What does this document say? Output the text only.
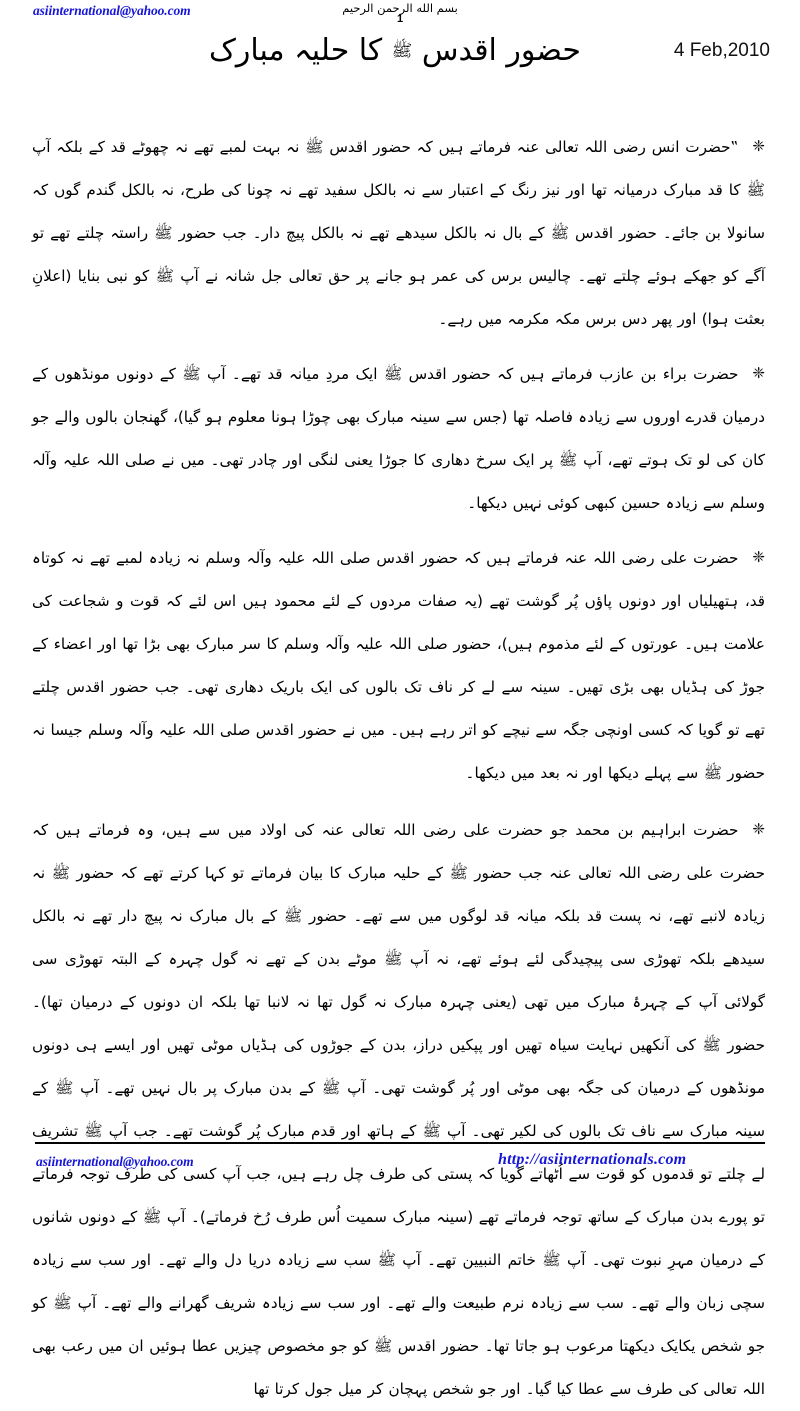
asiinternational@yahoo.com	بسم الله الرحمن الرحيم
1
حضور اقدس ﷺ کا حلیہ مبارک	4 Feb,2010

❈‟حضرت انس رضی اللہ تعالی عنہ فرماتے ہیں کہ حضور اقدس ﷺ نہ بہت لمبے تھے نہ چھوٹے قد کے بلکہ آپ ﷺ کا قد مبارک درمیانہ تھا اور نیز رنگ کے اعتبار سے نہ بالکل سفید تھے نہ چونا کی طرح، نہ بالکل گندم گوں کہ سانولا بن جائے۔ حضور اقدس ﷺ کے بال نہ بالکل سیدھے تھے نہ بالکل پیچ دار۔ جب حضور ﷺ راستہ چلتے تھے تو آگے کو جھکے ہوئے چلتے تھے۔ چالیس برس کی عمر ہو جانے پر حق تعالی جل شانہ نے آپ ﷺ کو نبی بنایا (اعلانِ بعثت ہوا) اور پھر دس برس مکہ مکرمہ میں رہے۔

❈حضرت براء بن عازب فرماتے ہیں کہ حضور اقدس ﷺ ایک مردِ میانہ قد تھے۔ آپ ﷺ کے دونوں مونڈھوں کے درمیان قدرے اوروں سے زیادہ فاصلہ تھا (جس سے سینہ مبارک بھی چوڑا ہونا معلوم ہو گیا)، گھنجان بالوں والے جو کان کی لو تک ہوتے تھے، آپ ﷺ پر ایک سرخ دھاری کا جوڑا یعنی لنگی اور چادر تھی۔ میں نے صلی اللہ علیہ وآلہ وسلم سے زیادہ حسین کبھی کوئی نہیں دیکھا۔

❈حضرت علی رضی اللہ عنہ فرماتے ہیں کہ حضور اقدس صلی اللہ علیہ وآلہ وسلم نہ زیادہ لمبے تھے نہ کوتاہ قد، ہتھیلیاں اور دونوں پاؤں پُر گوشت تھے (یہ صفات مردوں کے لئے محمود ہیں اس لئے کہ قوت و شجاعت کی علامت ہیں۔ عورتوں کے لئے مذموم ہیں)، حضور صلی اللہ علیہ وآلہ وسلم کا سر مبارک بھی بڑا تھا اور اعضاء کے جوڑ کی ہڈیاں بھی بڑی تھیں۔ سینہ سے لے کر ناف تک بالوں کی ایک باریک دھاری تھی۔ جب حضور اقدس چلتے تھے تو گویا کہ کسی اونچی جگہ سے نیچے کو اتر رہے ہیں۔ میں نے حضور اقدس صلی اللہ علیہ وآلہ وسلم جیسا نہ حضور ﷺ سے پہلے دیکھا اور نہ بعد میں دیکھا۔

❈حضرت ابراہیم بن محمد جو حضرت علی رضی اللہ تعالی عنہ کی اولاد میں سے ہیں، وہ فرماتے ہیں کہ حضرت علی رضی اللہ تعالی عنہ جب حضور ﷺ کے حلیہ مبارک کا بیان فرماتے تو کہا کرتے تھے کہ حضور ﷺ نہ زیادہ لانبے تھے، نہ پست قد بلکہ میانہ قد لوگوں میں سے تھے۔ حضور ﷺ کے بال مبارک نہ پیچ دار تھے نہ بالکل سیدھے بلکہ تھوڑی سی پیچیدگی لئے ہوئے تھے، نہ آپ ﷺ موٹے بدن کے تھے نہ گول چہرہ کے البتہ تھوڑی سی گولائی آپ کے چہرۂ مبارک میں تھی (یعنی چہرہ مبارک نہ گول تھا نہ لانبا تھا بلکہ ان دونوں کے درمیان تھا)۔ حضور ﷺ کی آنکھیں نہایت سیاہ تھیں اور پپکیں دراز، بدن کے جوڑوں کی ہڈیاں موٹی تھیں اور ایسے ہی دونوں مونڈھوں کے درمیان کی جگہ بھی موٹی اور پُر گوشت تھی۔ آپ ﷺ کے بدن مبارک پر بال نہیں تھے۔ آپ ﷺ کے سینہ مبارک سے ناف تک بالوں کی لکیر تھی۔ آپ ﷺ کے ہاتھ اور قدم مبارک پُر گوشت تھے۔ جب آپ ﷺ تشریف لے چلتے تو قدموں کو قوت سے اُٹھاتے گویا کہ پستی کی طرف چل رہے ہیں، جب آپ کسی کی طرف توجہ فرماتے تو پورے بدن مبارک کے ساتھ توجہ فرماتے تھے (سینہ مبارک سمیت اُس طرف رُخ فرماتے)۔ آپ ﷺ کے دونوں شانوں کے درمیان مہرِ نبوت تھی۔ آپ ﷺ خاتم النبیین تھے۔ آپ ﷺ سب سے زیادہ دریا دل والے تھے۔ اور سب سے زیادہ سچی زبان والے تھے۔ سب سے زیادہ نرم طبیعت والے تھے۔ اور سب سے زیادہ شریف گھرانے والے تھے۔ آپ ﷺ کو جو شخص یکایک دیکھتا مرعوب ہو جاتا تھا۔ حضور اقدس ﷺ کو جو مخصوص چیزیں عطا ہوئیں ان میں رعب بھی اللہ تعالی کی طرف سے عطا کیا گیا۔ اور جو شخص پہچان کر میل جول کرتا تھا

asiinternational@yahoo.com	http://asiinternationals.com
